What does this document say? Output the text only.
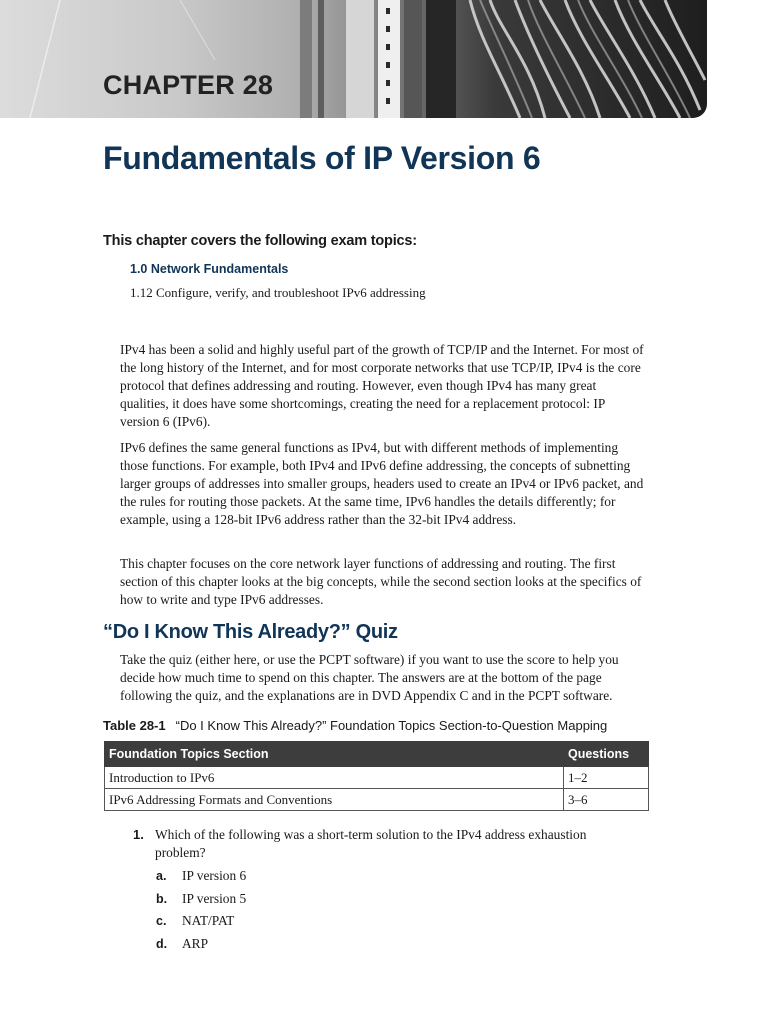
CHAPTER 28
Fundamentals of IP Version 6
This chapter covers the following exam topics:
1.0 Network Fundamentals
1.12 Configure, verify, and troubleshoot IPv6 addressing

IPv4 has been a solid and highly useful part of the growth of TCP/IP and the Internet. For most of the long history of the Internet, and for most corporate networks that use TCP/IP, IPv4 is the core protocol that defines addressing and routing. However, even though IPv4 has many great qualities, it does have some shortcomings, creating the need for a replacement protocol: IP version 6 (IPv6).

IPv6 defines the same general functions as IPv4, but with different methods of implementing those functions. For example, both IPv4 and IPv6 define addressing, the concepts of subnetting larger groups of addresses into smaller groups, headers used to create an IPv4 or IPv6 packet, and the rules for routing those packets. At the same time, IPv6 handles the details differently; for example, using a 128-bit IPv6 address rather than the 32-bit IPv4 address.

This chapter focuses on the core network layer functions of addressing and routing. The first section of this chapter looks at the big concepts, while the second section looks at the specifics of how to write and type IPv6 addresses.

“Do I Know This Already?” Quiz

Take the quiz (either here, or use the PCPT software) if you want to use the score to help you decide how much time to spend on this chapter. The answers are at the bottom of the page following the quiz, and the explanations are in DVD Appendix C and in the PCPT software.

Table 28-1 “Do I Know This Already?” Foundation Topics Section-to-Question Mapping
Foundation Topics Section	Questions
Introduction to IPv6	1–2
IPv6 Addressing Formats and Conventions	3–6
1. Which of the following was a short-term solution to the IPv4 address exhaustion problem?
a. IP version 6
b. IP version 5
c. NAT/PAT
d. ARP
